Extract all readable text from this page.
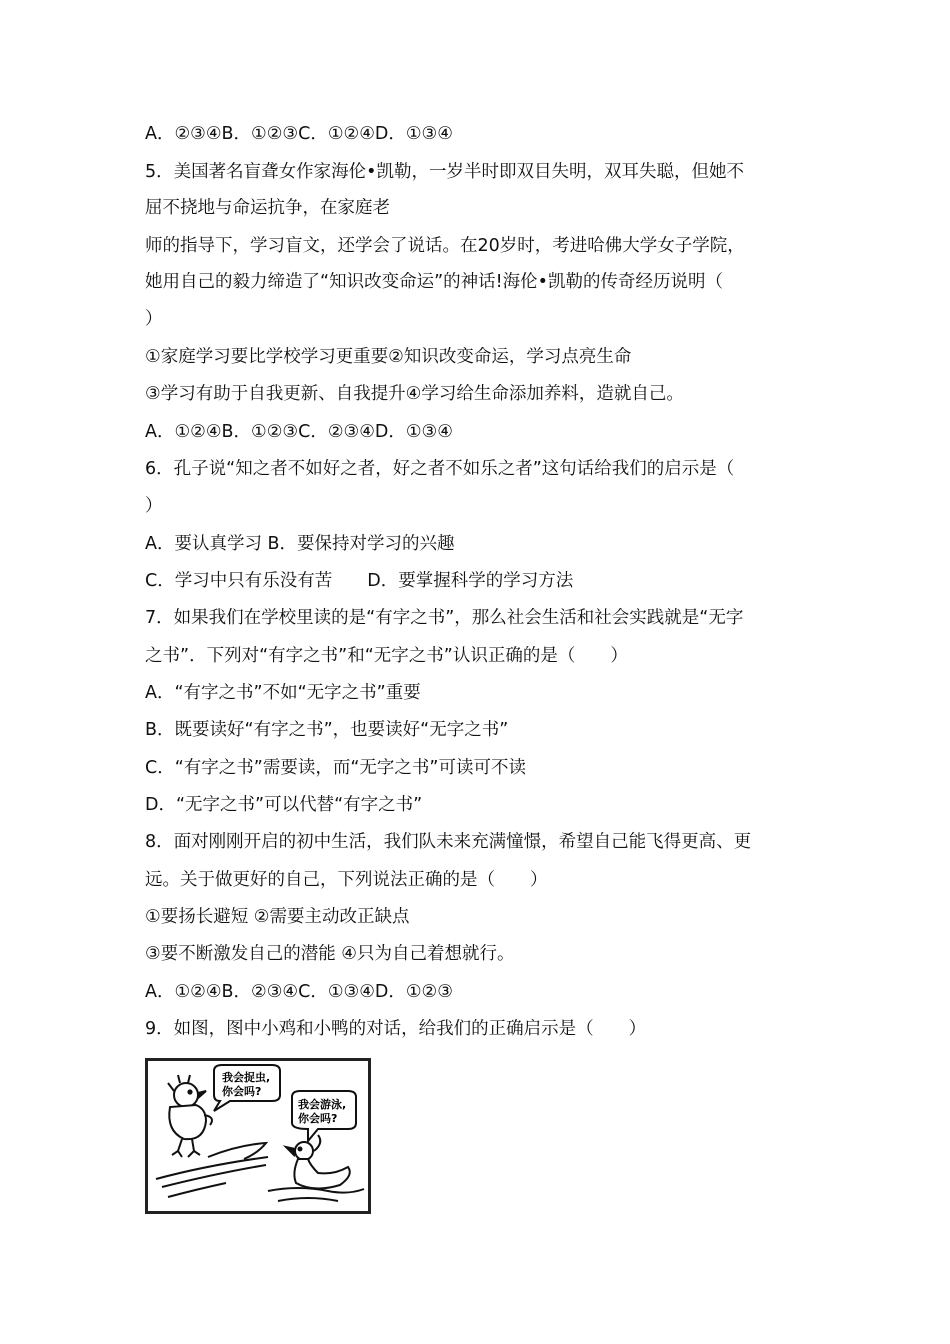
A．②③④B．①②③C．①②④D．①③④
5．美国著名盲聋女作家海伦•凯勒，一岁半时即双目失明，双耳失聪，但她不
屈不挠地与命运抗争，在家庭老
师的指导下，学习盲文，还学会了说话。在20岁时，考进哈佛大学女子学院，
她用自己的毅力缔造了“知识改变命运”的神话!海伦•凯勒的传奇经历说明（
）
①家庭学习要比学校学习更重要②知识改变命运，学习点亮生命
③学习有助于自我更新、自我提升④学习给生命添加养料，造就自己。
A．①②④B．①②③C．②③④D．①③④
6．孔子说“知之者不如好之者，好之者不如乐之者”这句话给我们的启示是（
）
A．要认真学习 B．要保持对学习的兴趣
C．学习中只有乐没有苦　　D．要掌握科学的学习方法
7．如果我们在学校里读的是“有字之书”，那么社会生活和社会实践就是“无字
之书”．下列对“有字之书”和“无字之书”认识正确的是（　　）
A．“有字之书”不如“无字之书”重要
B．既要读好“有字之书”，也要读好“无字之书”
C．“有字之书”需要读，而“无字之书”可读可不读
D．“无字之书”可以代替“有字之书”
8．面对刚刚开启的初中生活，我们队未来充满憧憬，希望自己能飞得更高、更
远。关于做更好的自己，下列说法正确的是（　　）
①要扬长避短 ②需要主动改正缺点
③要不断激发自己的潜能 ④只为自己着想就行。
A．①②④B．②③④C．①③④D．①②③
9．如图，图中小鸡和小鸭的对话，给我们的正确启示是（　　）
我会捉虫,
你会吗?
我会游泳,
你会吗?
